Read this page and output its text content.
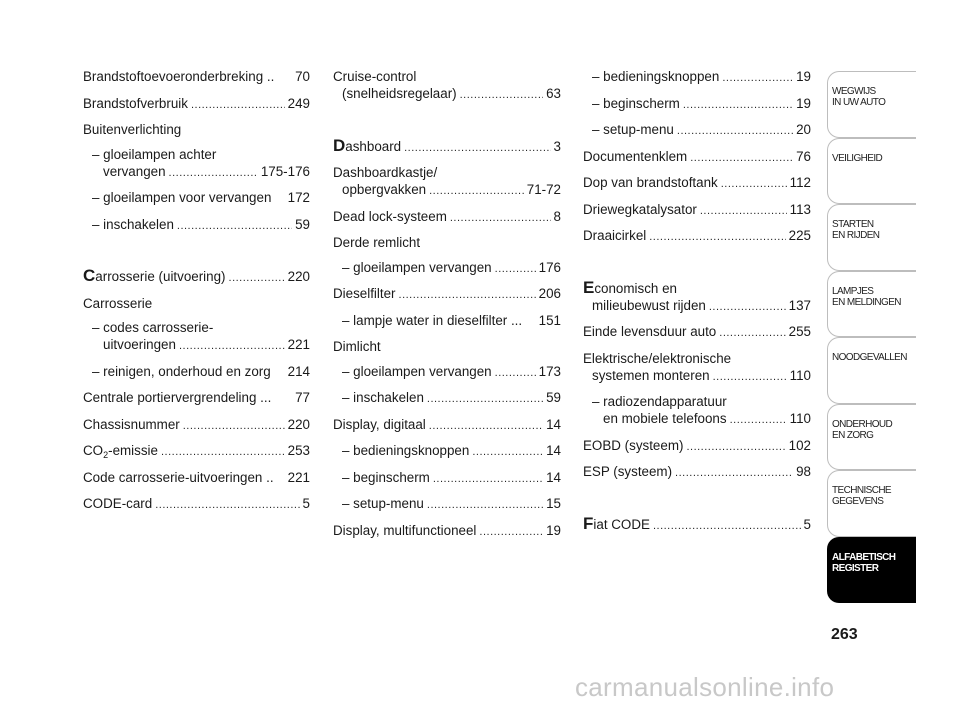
Brandstoftoevoeronderbreking .. 70
Brandstofverbruik .....	249
Buitenverlichting
– gloeilampen achter
vervangen .....	175-176
– gloeilampen voor vervangen 172
– inschakelen .....	59
Carrosserie (uitvoering) .....	220
Carrosserie
– codes carrosserie-
uitvoeringen .....	221
– reinigen, onderhoud en zorg 214
Centrale portiervergrendeling ... 77
Chassisnummer .....	220
$CO_2$-emissie .....	253
Code carrosserie-uitvoeringen .. 221
CODE-card .....	5
Cruise-control
(snelheidsregelaar) .....	63
Dashboard .....	3
Dashboardkastje/
opbergvakken .....	71-72
Dead lock-systeem .....	8
Derde remlicht
– gloeilampen vervangen .....	176
Dieselfilter .....	206
– lampje water in dieselfilter ... 151
Dimlicht
– gloeilampen vervangen .....	173
– inschakelen .....	59
Display, digitaal .....	14
– bedieningsknoppen .....	14
– beginscherm .....	14
– setup-menu .....	15
Display, multifunctioneel .....	19
– bedieningsknoppen .....	19
– beginscherm .....	19
– setup-menu .....	20
Documentenklem .....	76
Dop van brandstoftank .....	112
Driewegkatalysator .....	113
Draaicirkel .....	225
Economisch en
milieubewust rijden .....	137
Einde levensduur auto .....	255
Elektrische/elektronische
systemen monteren .....	110
– radiozendapparatuur
en mobiele telefoons .....	110
EOBD (systeem) .....	102
ESP (systeem) .....	98
Fiat CODE .....	5
WEGWIJS
IN UW AUTO
VEILIGHEID
STARTEN
EN RIJDEN
LAMPJES
EN MELDINGEN
NOODGEVALLEN
ONDERHOUD
EN ZORG
TECHNISCHE
GEGEVENS
ALFABETISCH
REGISTER
263
carmanualsonline.info
